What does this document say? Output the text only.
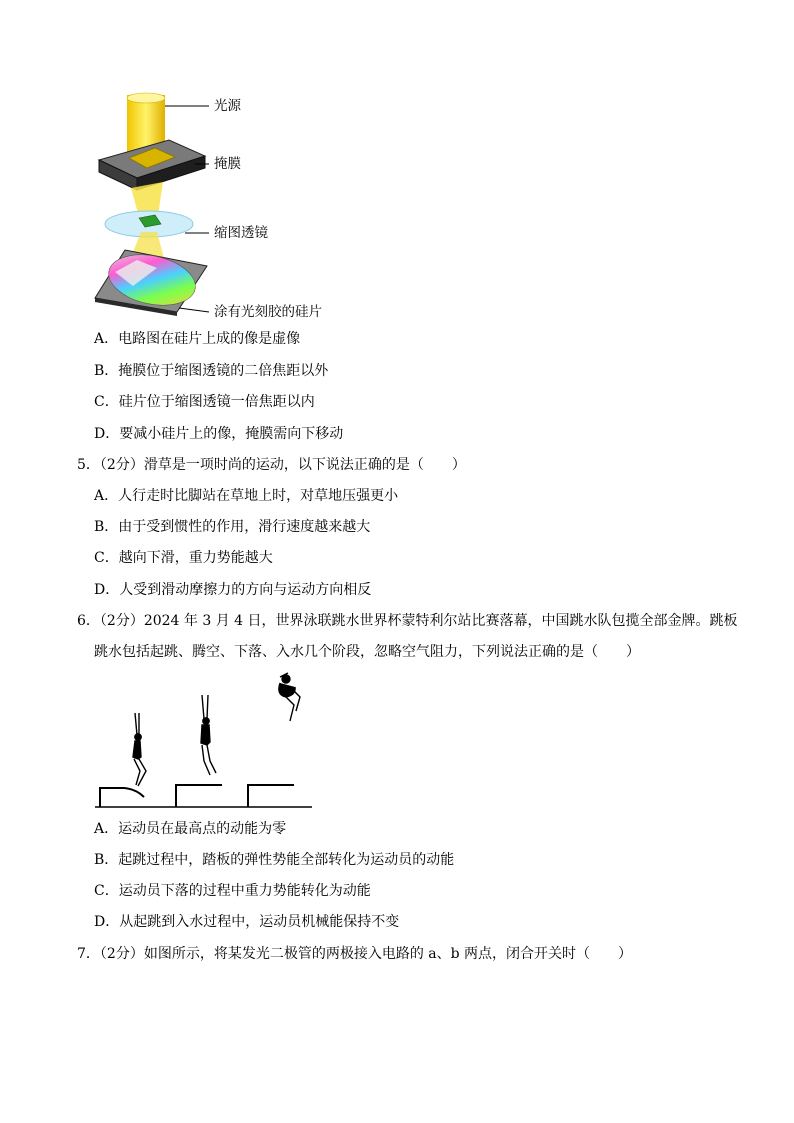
光源
掩膜
缩图透镜
涂有光刻胶的硅片
A．电路图在硅片上成的像是虚像
B．掩膜位于缩图透镜的二倍焦距以外
C．硅片位于缩图透镜一倍焦距以内
D．要减小硅片上的像，掩膜需向下移动
5．（2分）滑草是一项时尚的运动，以下说法正确的是（　　）
A．人行走时比脚站在草地上时，对草地压强更小
B．由于受到惯性的作用，滑行速度越来越大
C．越向下滑，重力势能越大
D．人受到滑动摩擦力的方向与运动方向相反
6．（2分）2024 年 3 月 4 日，世界泳联跳水世界杯蒙特利尔站比赛落幕，中国跳水队包揽全部金牌。跳板
跳水包括起跳、腾空、下落、入水几个阶段，忽略空气阻力，下列说法正确的是（　　）
A．运动员在最高点的动能为零
B．起跳过程中，踏板的弹性势能全部转化为运动员的动能
C．运动员下落的过程中重力势能转化为动能
D．从起跳到入水过程中，运动员机械能保持不变
7．（2分）如图所示，将某发光二极管的两极接入电路的 a、b 两点，闭合开关时（　　）
